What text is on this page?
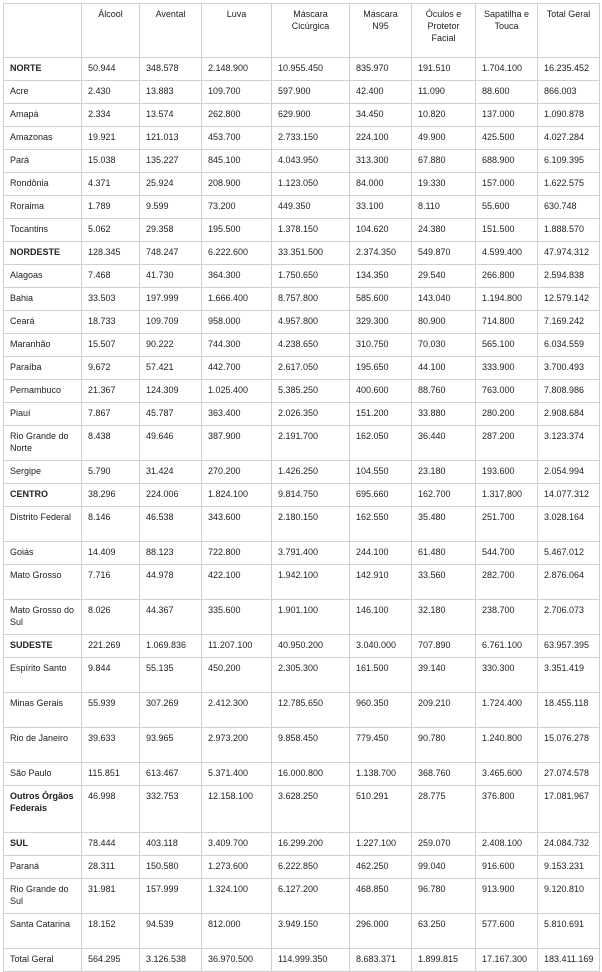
	Álcool	Avental	Luva	Máscara Cicúrgica	Máscara N95	Óculos e Protetor Facial	Sapatilha e Touca	Total Geral
NORTE	50.944	348.578	2.148.900	10.955.450	835.970	191.510	1.704.100	16.235.452
Acre	2.430	13.883	109.700	597.900	42.400	11.090	88.600	866.003
Amapá	2.334	13.574	262.800	629.900	34.450	10.820	137.000	1.090.878
Amazonas	19.921	121.013	453.700	2.733.150	224.100	49.900	425.500	4.027.284
Pará	15.038	135.227	845.100	4.043.950	313.300	67.880	688.900	6.109.395
Rondônia	4.371	25.924	208.900	1.123.050	84.000	19.330	157.000	1.622.575
Roraima	1.789	9.599	73.200	449.350	33.100	8.110	55.600	630.748
Tocantins	5.062	29.358	195.500	1.378.150	104.620	24.380	151.500	1.888.570
NORDESTE	128.345	748.247	6.222.600	33.351.500	2.374.350	549.870	4.599.400	47.974.312
Alagoas	7.468	41.730	364.300	1.750.650	134.350	29.540	266.800	2.594.838
Bahia	33.503	197.999	1.666.400	8.757.800	585.600	143.040	1.194.800	12.579.142
Ceará	18.733	109.709	958.000	4.957.800	329.300	80.900	714.800	7.169.242
Maranhão	15.507	90.222	744.300	4.238.650	310.750	70.030	565.100	6.034.559
Paraíba	9.672	57.421	442.700	2.617.050	195.650	44.100	333.900	3.700.493
Pernambuco	21.367	124.309	1.025.400	5.385.250	400.600	88.760	763.000	7.808.986
Piauí	7.867	45.787	363.400	2.026.350	151.200	33.880	280.200	2.908.684
Rio Grande do Norte	8.438	49.646	387.900	2.191.700	162.050	36.440	287.200	3.123.374
Sergipe	5.790	31.424	270.200	1.426.250	104.550	23.180	193.600	2.054.994
CENTRO	38.296	224.006	1.824.100	9.814.750	695.660	162.700	1.317.800	14.077.312
Distrito Federal	8.146	46.538	343.600	2.180.150	162.550	35.480	251.700	3.028.164
Goiás	14.409	88.123	722.800	3.791.400	244.100	61.480	544.700	5.467.012
Mato Grosso	7.716	44.978	422.100	1.942.100	142.910	33.560	282.700	2.876.064
Mato Grosso do Sul	8.026	44.367	335.600	1.901.100	146.100	32.180	238.700	2.706.073
SUDESTE	221.269	1.069.836	11.207.100	40.950.200	3.040.000	707.890	6.761.100	63.957.395
Espírito Santo	9.844	55.135	450.200	2.305.300	161.500	39.140	330.300	3.351.419
Minas Gerais	55.939	307.269	2.412.300	12.785.650	960.350	209.210	1.724.400	18.455.118
Rio de Janeiro	39.633	93.965	2.973.200	9.858.450	779.450	90.780	1.240.800	15.076.278
São Paulo	115.851	613.467	5.371.400	16.000.800	1.138.700	368.760	3.465.600	27.074.578
Outros Órgãos Federais	46.998	332.753	12.158.100	3.628.250	510.291	28.775	376.800	17.081.967
SUL	78.444	403.118	3.409.700	16.299.200	1.227.100	259.070	2.408.100	24.084.732
Paraná	28.311	150.580	1.273.600	6.222.850	462.250	99.040	916.600	9.153.231
Rio Grande do Sul	31.981	157.999	1.324.100	6.127.200	468.850	96.780	913.900	9.120.810
Santa Catarina	18.152	94.539	812.000	3.949.150	296.000	63.250	577.600	5.810.691
Total Geral	564.295	3.126.538	36.970.500	114.999.350	8.683.371	1.899.815	17.167.300	183.411.169
